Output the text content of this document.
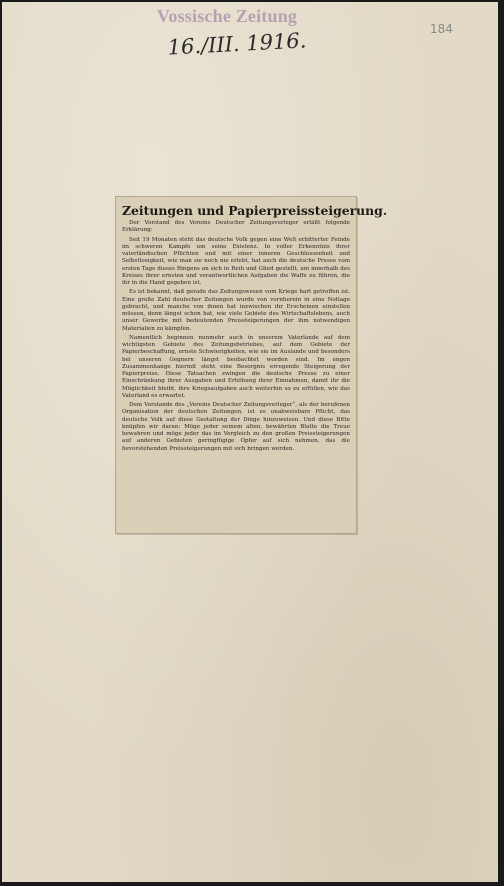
Vossische Zeitung
16./III. 1916.	184
Zeitungen und Papierpreissteigerung.

Der Vorstand des Vereins Deutscher Zeitungsverleger erläßt folgende Erklärung:

Seit 19 Monaten steht das deutsche Volk gegen eine Welt erbitterter Feinde im schweren Kampfe um seine Existenz. In voller Erkenntnis ihrer vaterländischen Pflichten und mit einer inneren Geschlossenheit und Selbstlosigkeit, wie man sie noch nie erlebt, hat auch die deutsche Presse vom ersten Tage dieses Ringens an sich in Reih und Glied gestellt, um innerhalb des Kreises ihrer ernsten und verantwortlichen Aufgaben die Waffe zu führen, die ihr in die Hand gegeben ist.

Es ist bekannt, daß gerade das Zeitungswesen vom Kriege hart getroffen ist. Eine große Zahl deutscher Zeitungen wurde von vornherein in eine Notlage gebracht, und manche von ihnen hat inzwischen ihr Erscheinen einstellen müssen, denn längst schon hat, wie viele Gebiete des Wirtschaftslebens, auch unser Gewerbe mit bedeutenden Preissteigerungen der ihm notwendigen Materialien zu kämpfen.

Namentlich beginnen nunmehr auch in unserem Vaterlande auf dem wichtigsten Gebiete des Zeitungsbetriebes, auf dem Gebiete der Papierbeschaffung, ernste Schwierigkeiten, wie sie im Auslande und besonders bei unseren Gegnern längst beobachtet worden sind. Im engen Zusammenhange hiermit steht eine Besorgnis erregende Steigerung der Papierpreise. Diese Tatsachen zwingen die deutsche Presse zu einer Einschränkung ihrer Ausgaben und Erhöhung ihrer Einnahmen, damit ihr die Möglichkeit bleibt, ihre Kriegsaufgaben auch weiterhin so zu erfüllen, wie das Vaterland es erwartet.

Dem Vorstande des „Vereins Deutscher Zeitungsverleger“, als der berufenen Organisation der deutschen Zeitungen, ist es unabweisbare Pflicht, das deutsche Volk auf diese Gestaltung der Dinge hinzuweisen. Und diese Bitte knüpfen wir daran: Möge jeder seinem alten, bewährten Blatte die Treue bewahren und möge jeder das im Vergleich zu den großen Preissteigerungen auf anderen Gebieten geringfügige Opfer auf sich nehmen, das die bevorstehenden Preissteigerungen mit sich bringen werden.
